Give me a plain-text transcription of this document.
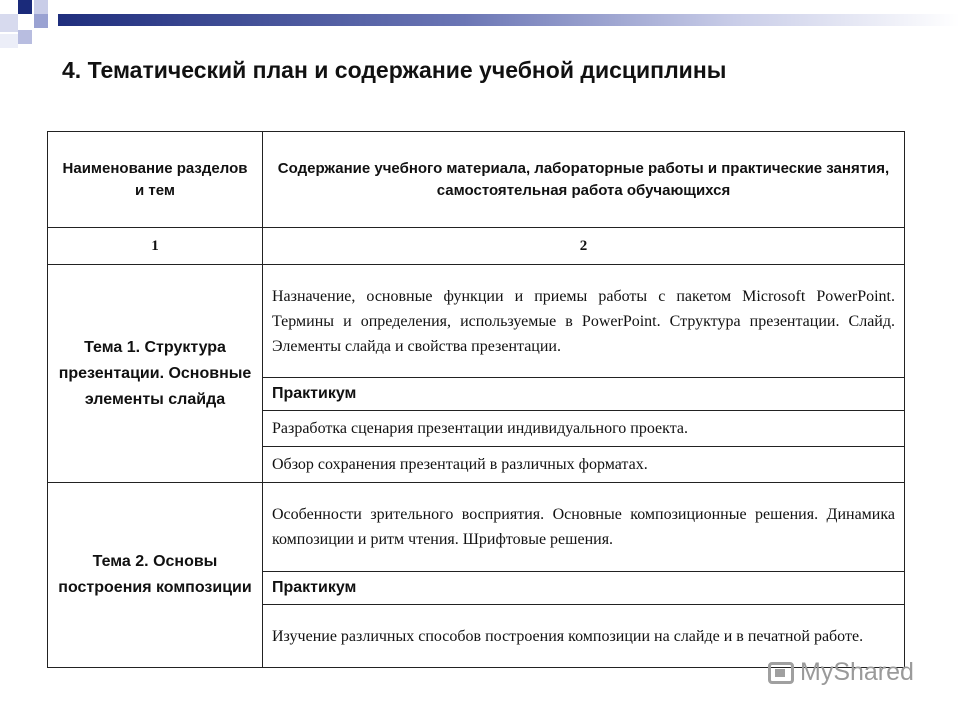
4. Тематический план и содержание учебной дисциплины
Наименование разделов и тем	Содержание учебного материала, лабораторные работы и практические занятия, самостоятельная работа обучающихся
1	2
Тема 1. Структура презентации. Основные элементы слайда	Назначение, основные функции и приемы работы с пакетом Microsoft PowerPoint. Термины и определения, используемые в PowerPoint. Структура презентации. Слайд. Элементы слайда и свойства презентации.
	Практикум
	Разработка сценария презентации индивидуального проекта.
	Обзор сохранения презентаций в различных форматах.
Тема 2. Основы построения композиции	Особенности зрительного восприятия. Основные композиционные решения. Динамика композиции и ритм чтения. Шрифтовые решения.
	Практикум
	Изучение различных способов построения композиции на слайде и в печатной работе.
MyShared
